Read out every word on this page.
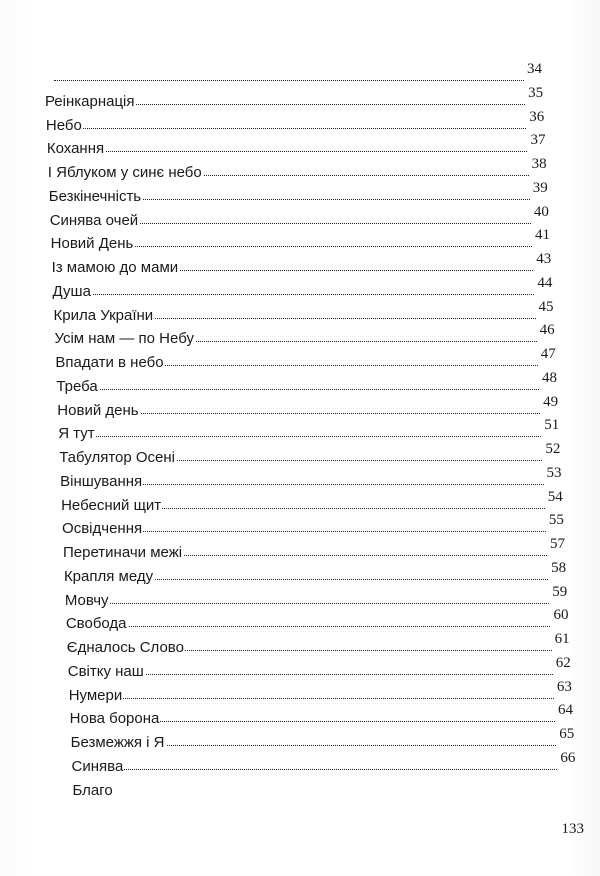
34
Реінкарнація	35
Небо	36
Кохання	37
І Яблуком у синє небо	38
Безкінечність	39
Синява очей	40
Новий День	41
Із мамою до мами	43
Душа	44
Крила України	45
Усім нам — по Небу	46
Впадати в небо	47
Треба	48
Новий день	49
Я тут	51
Табулятор Осені	52
Віншування	53
Небесний щит	54
Освідчення	55
Перетиначи межі	57
Крапля меду	58
Мовчу	59
Свобода	60
Єдналось Слово	61
Світку наш	62
Нумери	63
Нова борона	64
Безмежжя і Я	65
Синява	66
Благо
133
